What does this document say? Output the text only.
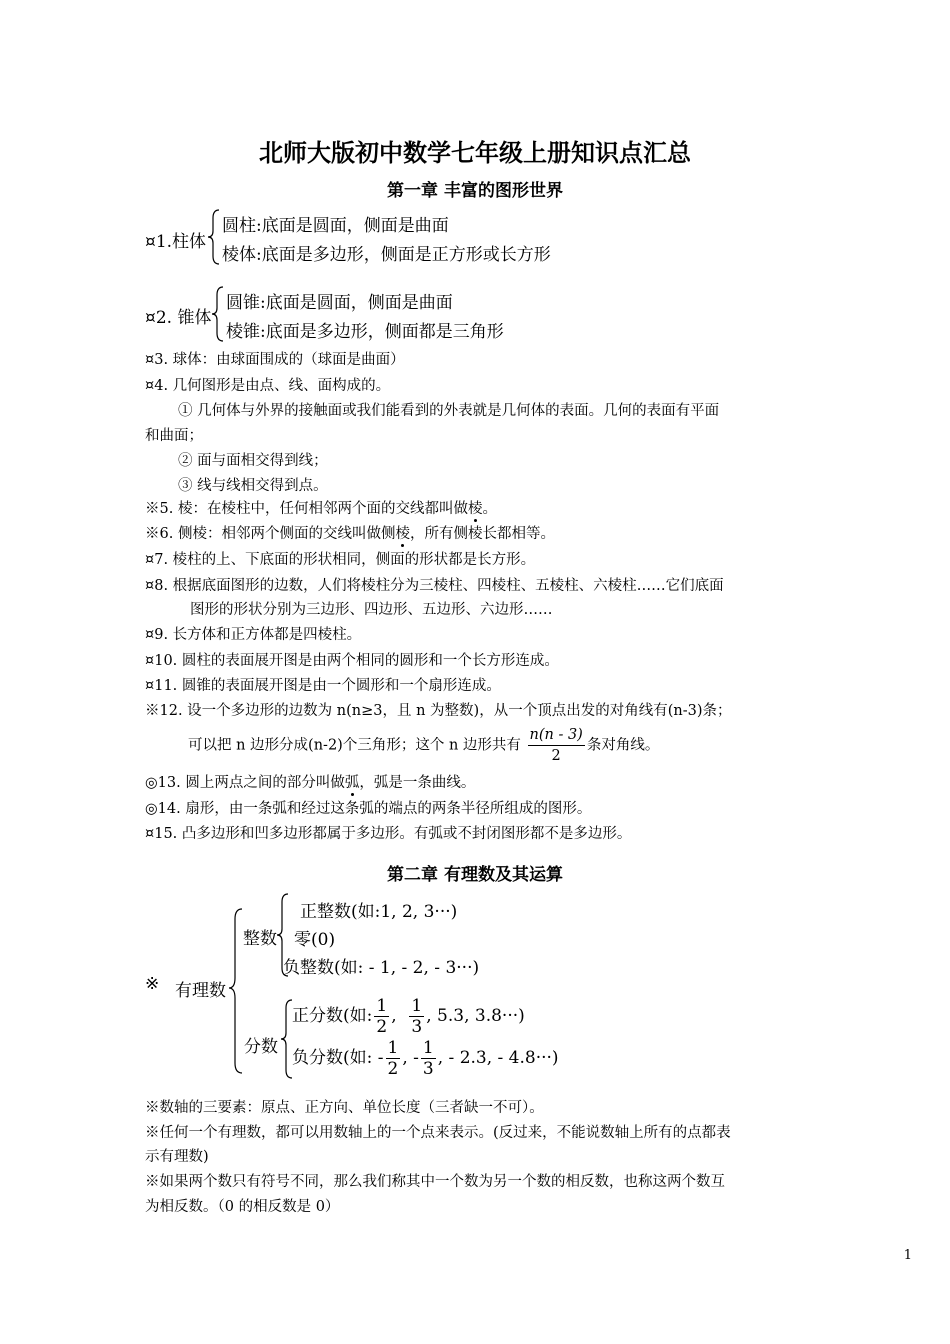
北师大版初中数学七年级上册知识点汇总
第一章 丰富的图形世界
¤1.柱体
圆柱:底面是圆面，侧面是曲面
棱体:底面是多边形，侧面是正方形或长方形
¤2. 锥体
圆锥:底面是圆面，侧面是曲面
棱锥:底面是多边形，侧面都是三角形
¤3. 球体：由球面围成的（球面是曲面）
¤4. 几何图形是由点、线、面构成的。
① 几何体与外界的接触面或我们能看到的外表就是几何体的表面。几何的表面有平面
和曲面；
② 面与面相交得到线；
③ 线与线相交得到点。
※5. 棱：在棱柱中，任何相邻两个面的交线都叫做棱。
※6. 侧棱：相邻两个侧面的交线叫做侧棱，所有侧棱长都相等。
¤7. 棱柱的上、下底面的形状相同，侧面的形状都是长方形。
¤8. 根据底面图形的边数，人们将棱柱分为三棱柱、四棱柱、五棱柱、六棱柱……它们底面
图形的形状分别为三边形、四边形、五边形、六边形……
¤9. 长方体和正方体都是四棱柱。
¤10. 圆柱的表面展开图是由两个相同的圆形和一个长方形连成。
¤11. 圆锥的表面展开图是由一个圆形和一个扇形连成。
※12. 设一个多边形的边数为 n(n≥3，且 n 为整数)，从一个顶点出发的对角线有(n-3)条；
可以把 n 边形分成(n-2)个三角形；这个 n 边形共有 $\frac{n(n - 3)}{2}$ 条对角线。
◎13. 圆上两点之间的部分叫做弧，弧是一条曲线。
◎14. 扇形，由一条弧和经过这条弧的端点的两条半径所组成的图形。
¤15. 凸多边形和凹多边形都属于多边形。有弧或不封闭图形都不是多边形。
第二章 有理数及其运算
※ 有理数
整数
正整数(如:1, 2, 3···)
零(0)
负整数(如: - 1, - 2, - 3···)
分数
正分数(如: $\frac{1}{2}$ , $\frac{1}{3}$ , 5.3, 3.8···)
负分数(如: - $\frac{1}{2}$ , - $\frac{1}{3}$ , - 2.3, - 4.8···)
※数轴的三要素：原点、正方向、单位长度（三者缺一不可）。
※任何一个有理数，都可以用数轴上的一个点来表示。(反过来，不能说数轴上所有的点都表
示有理数)
※如果两个数只有符号不同，那么我们称其中一个数为另一个数的相反数，也称这两个数互
为相反数。（0 的相反数是 0）
1
